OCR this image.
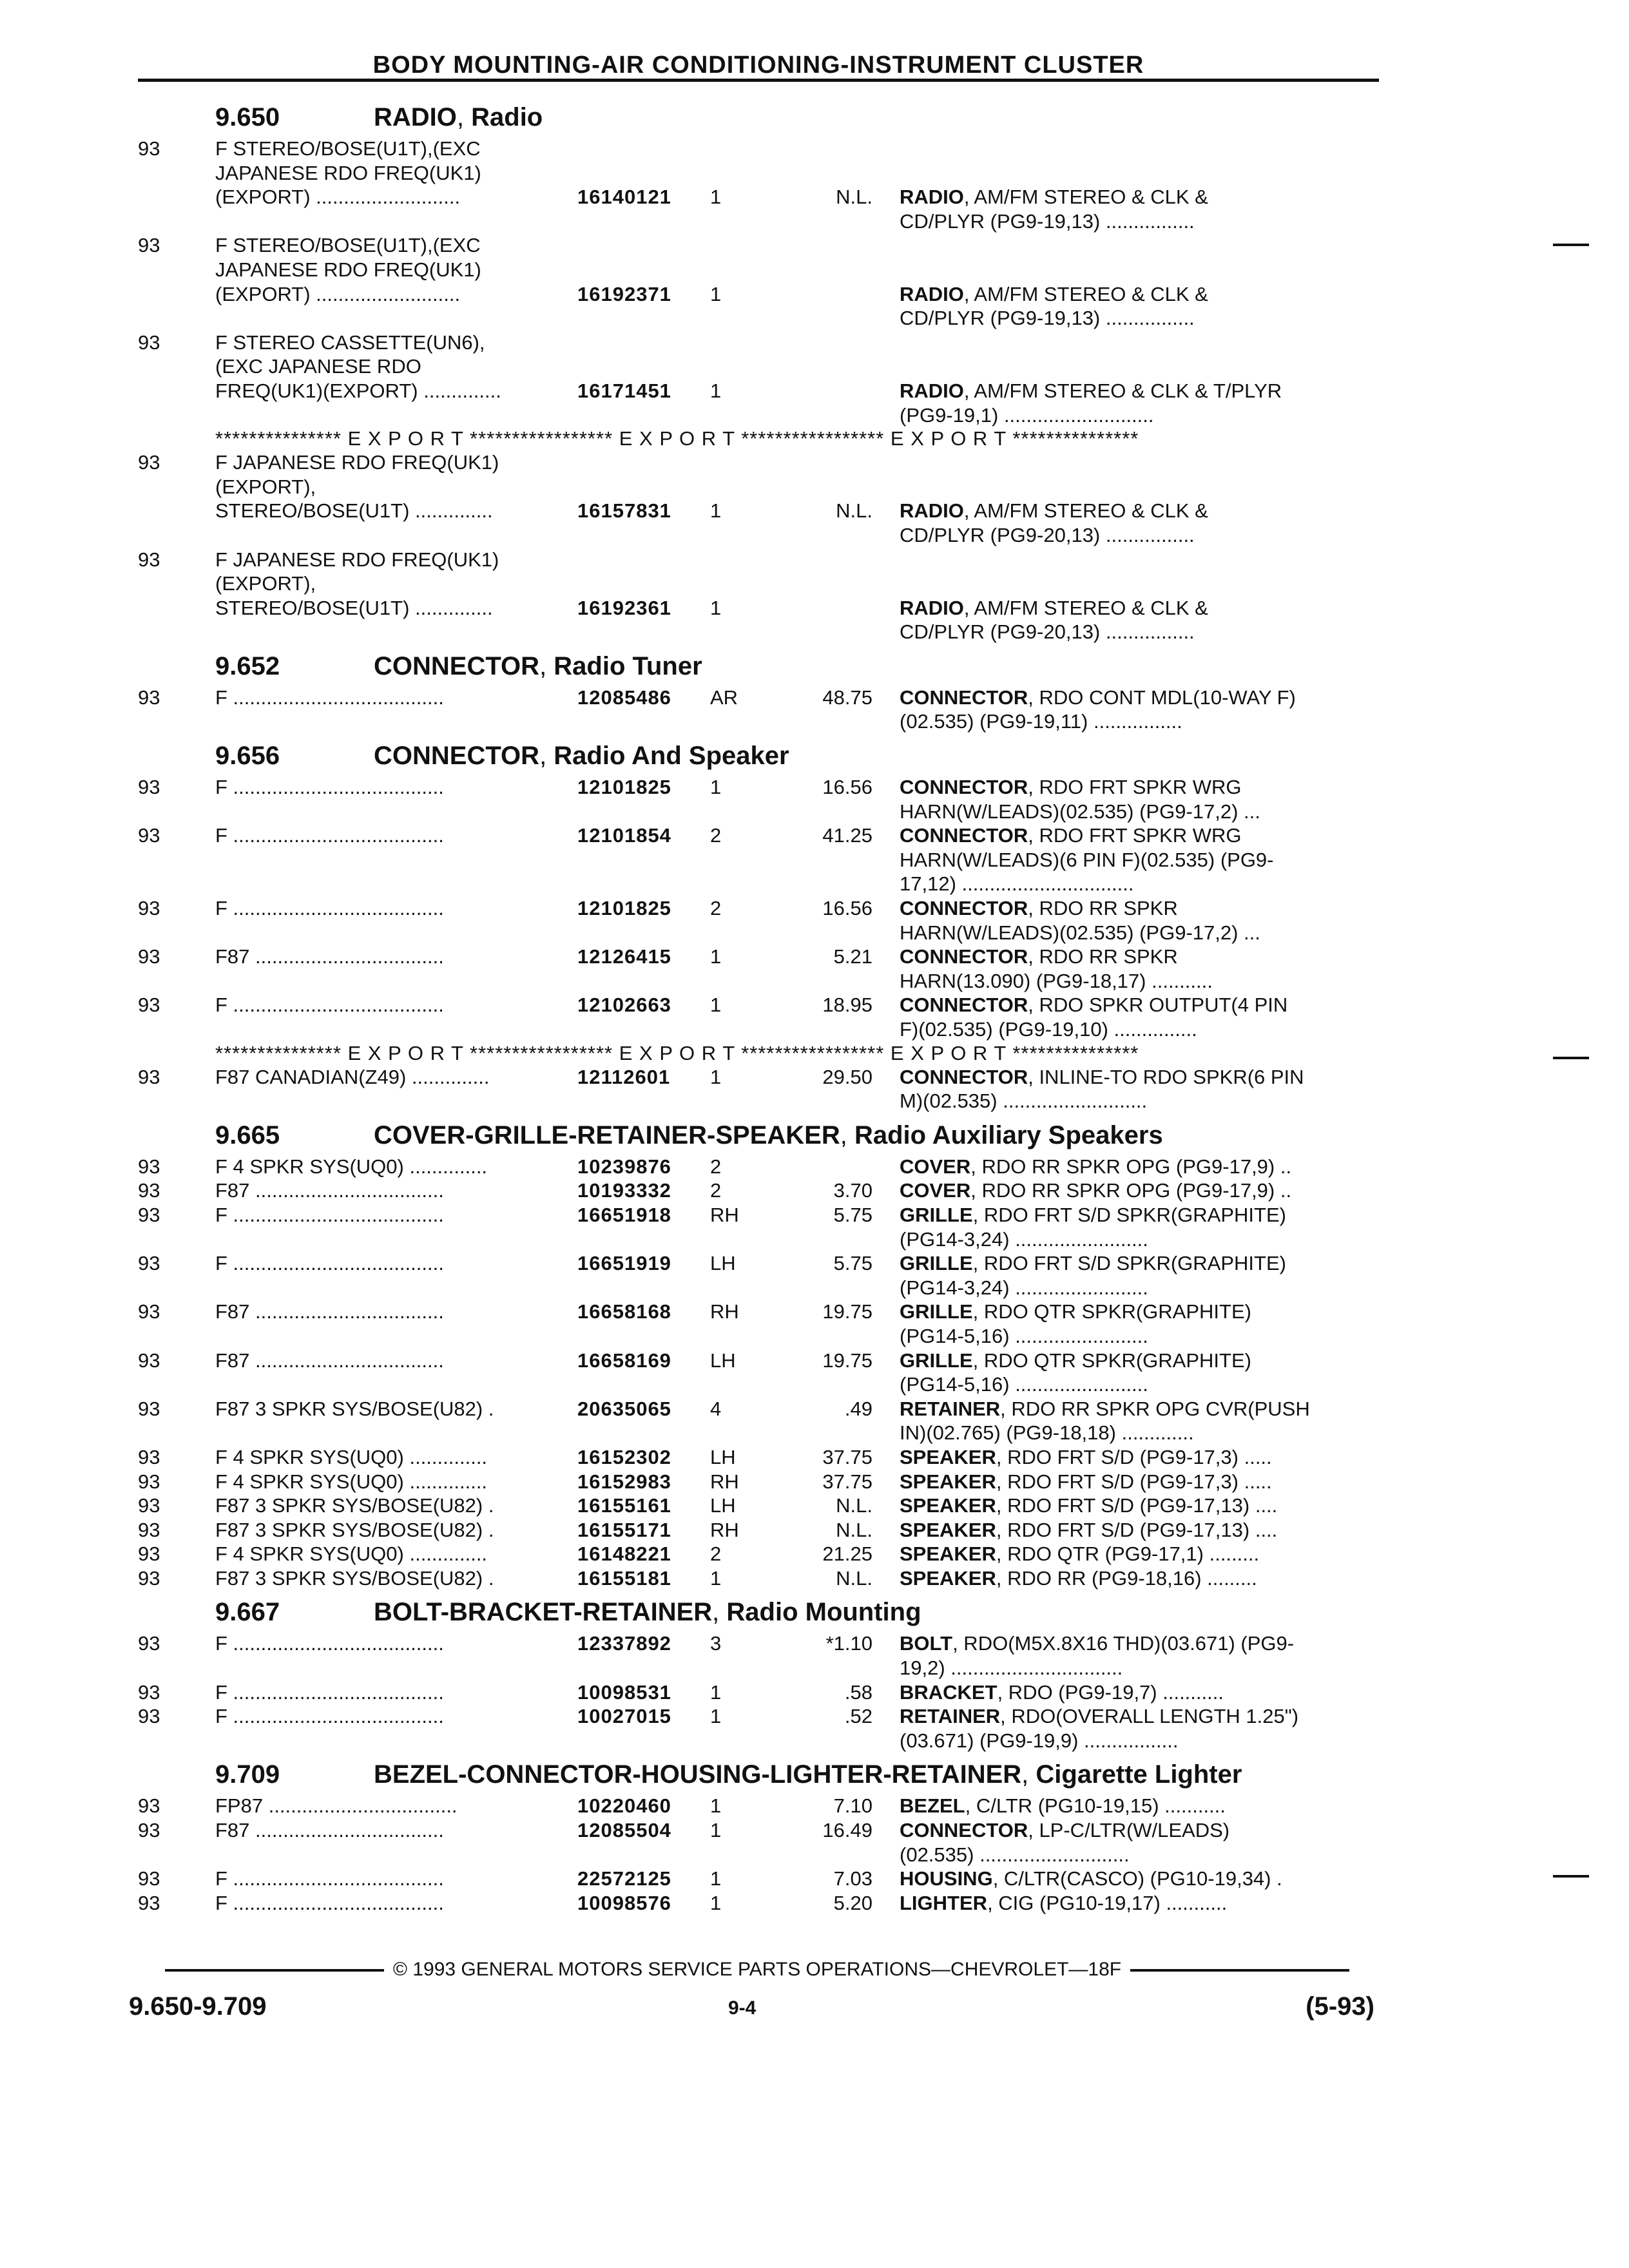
BODY MOUNTING-AIR CONDITIONING-INSTRUMENT CLUSTER
9.650	RADIO, Radio
93	F STEREO/BOSE(U1T),(EXC
JAPANESE RDO FREQ(UK1)
(EXPORT) ..........................	16140121 1	N.L. RADIO, AM/FM STEREO & CLK &
CD/PLYR (PG9-19,13) ................
93	F STEREO/BOSE(U1T),(EXC
JAPANESE RDO FREQ(UK1)
(EXPORT) ..........................	16192371 1	RADIO, AM/FM STEREO & CLK &
CD/PLYR (PG9-19,13) ................
93	F STEREO CASSETTE(UN6),
(EXC JAPANESE RDO
FREQ(UK1)(EXPORT) ..............	16171451 1	RADIO, AM/FM STEREO & CLK & T/PLYR
(PG9-19,1) ...........................
*************** E X P O R T ***************** E X P O R T ***************** E X P O R T ***************
93	F JAPANESE RDO FREQ(UK1)
(EXPORT),
STEREO/BOSE(U1T) ..............	16157831 1	N.L. RADIO, AM/FM STEREO & CLK &
CD/PLYR (PG9-20,13) ................
93	F JAPANESE RDO FREQ(UK1)
(EXPORT),
STEREO/BOSE(U1T) ..............	16192361 1	RADIO, AM/FM STEREO & CLK &
CD/PLYR (PG9-20,13) ................
9.652	CONNECTOR, Radio Tuner
93	F ......................................	12085486 AR	48.75 CONNECTOR, RDO CONT MDL(10-WAY F)
(02.535) (PG9-19,11) ................
9.656	CONNECTOR, Radio And Speaker
93	F ......................................	12101825 1	16.56 CONNECTOR, RDO FRT SPKR WRG
HARN(W/LEADS)(02.535) (PG9-17,2) ...
93	F ......................................	12101854 2	41.25 CONNECTOR, RDO FRT SPKR WRG
HARN(W/LEADS)(6 PIN F)(02.535) (PG9-
17,12) ...............................
93	F ......................................	12101825 2	16.56 CONNECTOR, RDO RR SPKR
HARN(W/LEADS)(02.535) (PG9-17,2) ...
93	F87 ..................................	12126415 1	5.21 CONNECTOR, RDO RR SPKR
HARN(13.090) (PG9-18,17) ...........
93	F ......................................	12102663 1	18.95 CONNECTOR, RDO SPKR OUTPUT(4 PIN
F)(02.535) (PG9-19,10) ...............
*************** E X P O R T ***************** E X P O R T ***************** E X P O R T ***************
93	F87 CANADIAN(Z49) ..............	12112601 1	29.50 CONNECTOR, INLINE-TO RDO SPKR(6 PIN
M)(02.535) ..........................
9.665	COVER-GRILLE-RETAINER-SPEAKER, Radio Auxiliary Speakers
93	F 4 SPKR SYS(UQ0) ..............	10239876 2	COVER, RDO RR SPKR OPG (PG9-17,9) ..
93	F87 ..................................	10193332 2	3.70 COVER, RDO RR SPKR OPG (PG9-17,9) ..
93	F ......................................	16651918 RH	5.75 GRILLE, RDO FRT S/D SPKR(GRAPHITE)
(PG14-3,24) ........................
93	F ......................................	16651919 LH	5.75 GRILLE, RDO FRT S/D SPKR(GRAPHITE)
(PG14-3,24) ........................
93	F87 ..................................	16658168 RH	19.75 GRILLE, RDO QTR SPKR(GRAPHITE)
(PG14-5,16) ........................
93	F87 ..................................	16658169 LH	19.75 GRILLE, RDO QTR SPKR(GRAPHITE)
(PG14-5,16) ........................
93	F87 3 SPKR SYS/BOSE(U82) .	20635065 4	.49 RETAINER, RDO RR SPKR OPG CVR(PUSH
IN)(02.765) (PG9-18,18) .............
93	F 4 SPKR SYS(UQ0) ..............	16152302 LH	37.75 SPEAKER, RDO FRT S/D (PG9-17,3) .....
93	F 4 SPKR SYS(UQ0) ..............	16152983 RH	37.75 SPEAKER, RDO FRT S/D (PG9-17,3) .....
93	F87 3 SPKR SYS/BOSE(U82) .	16155161 LH	N.L. SPEAKER, RDO FRT S/D (PG9-17,13) ....
93	F87 3 SPKR SYS/BOSE(U82) .	16155171 RH	N.L. SPEAKER, RDO FRT S/D (PG9-17,13) ....
93	F 4 SPKR SYS(UQ0) ..............	16148221 2	21.25 SPEAKER, RDO QTR (PG9-17,1) .........
93	F87 3 SPKR SYS/BOSE(U82) .	16155181 1	N.L. SPEAKER, RDO RR (PG9-18,16) .........
9.667	BOLT-BRACKET-RETAINER, Radio Mounting
93	F ......................................	12337892 3	*1.10 BOLT, RDO(M5X.8X16 THD)(03.671) (PG9-
19,2) ...............................
93	F ......................................	10098531 1	.58 BRACKET, RDO (PG9-19,7) ...........
93	F ......................................	10027015 1	.52 RETAINER, RDO(OVERALL LENGTH 1.25")
(03.671) (PG9-19,9) .................
9.709	BEZEL-CONNECTOR-HOUSING-LIGHTER-RETAINER, Cigarette Lighter
93	FP87 ..................................	10220460 1	7.10 BEZEL, C/LTR (PG10-19,15) ...........
93	F87 ..................................	12085504 1	16.49 CONNECTOR, LP-C/LTR(W/LEADS)
(02.535) ...........................
93	F ......................................	22572125 1	7.03 HOUSING, C/LTR(CASCO) (PG10-19,34) .
93	F ......................................	10098576 1	5.20 LIGHTER, CIG (PG10-19,17) ...........
© 1993 GENERAL MOTORS SERVICE PARTS OPERATIONS—CHEVROLET—18F
9.650-9.709	9-4	(5-93)
